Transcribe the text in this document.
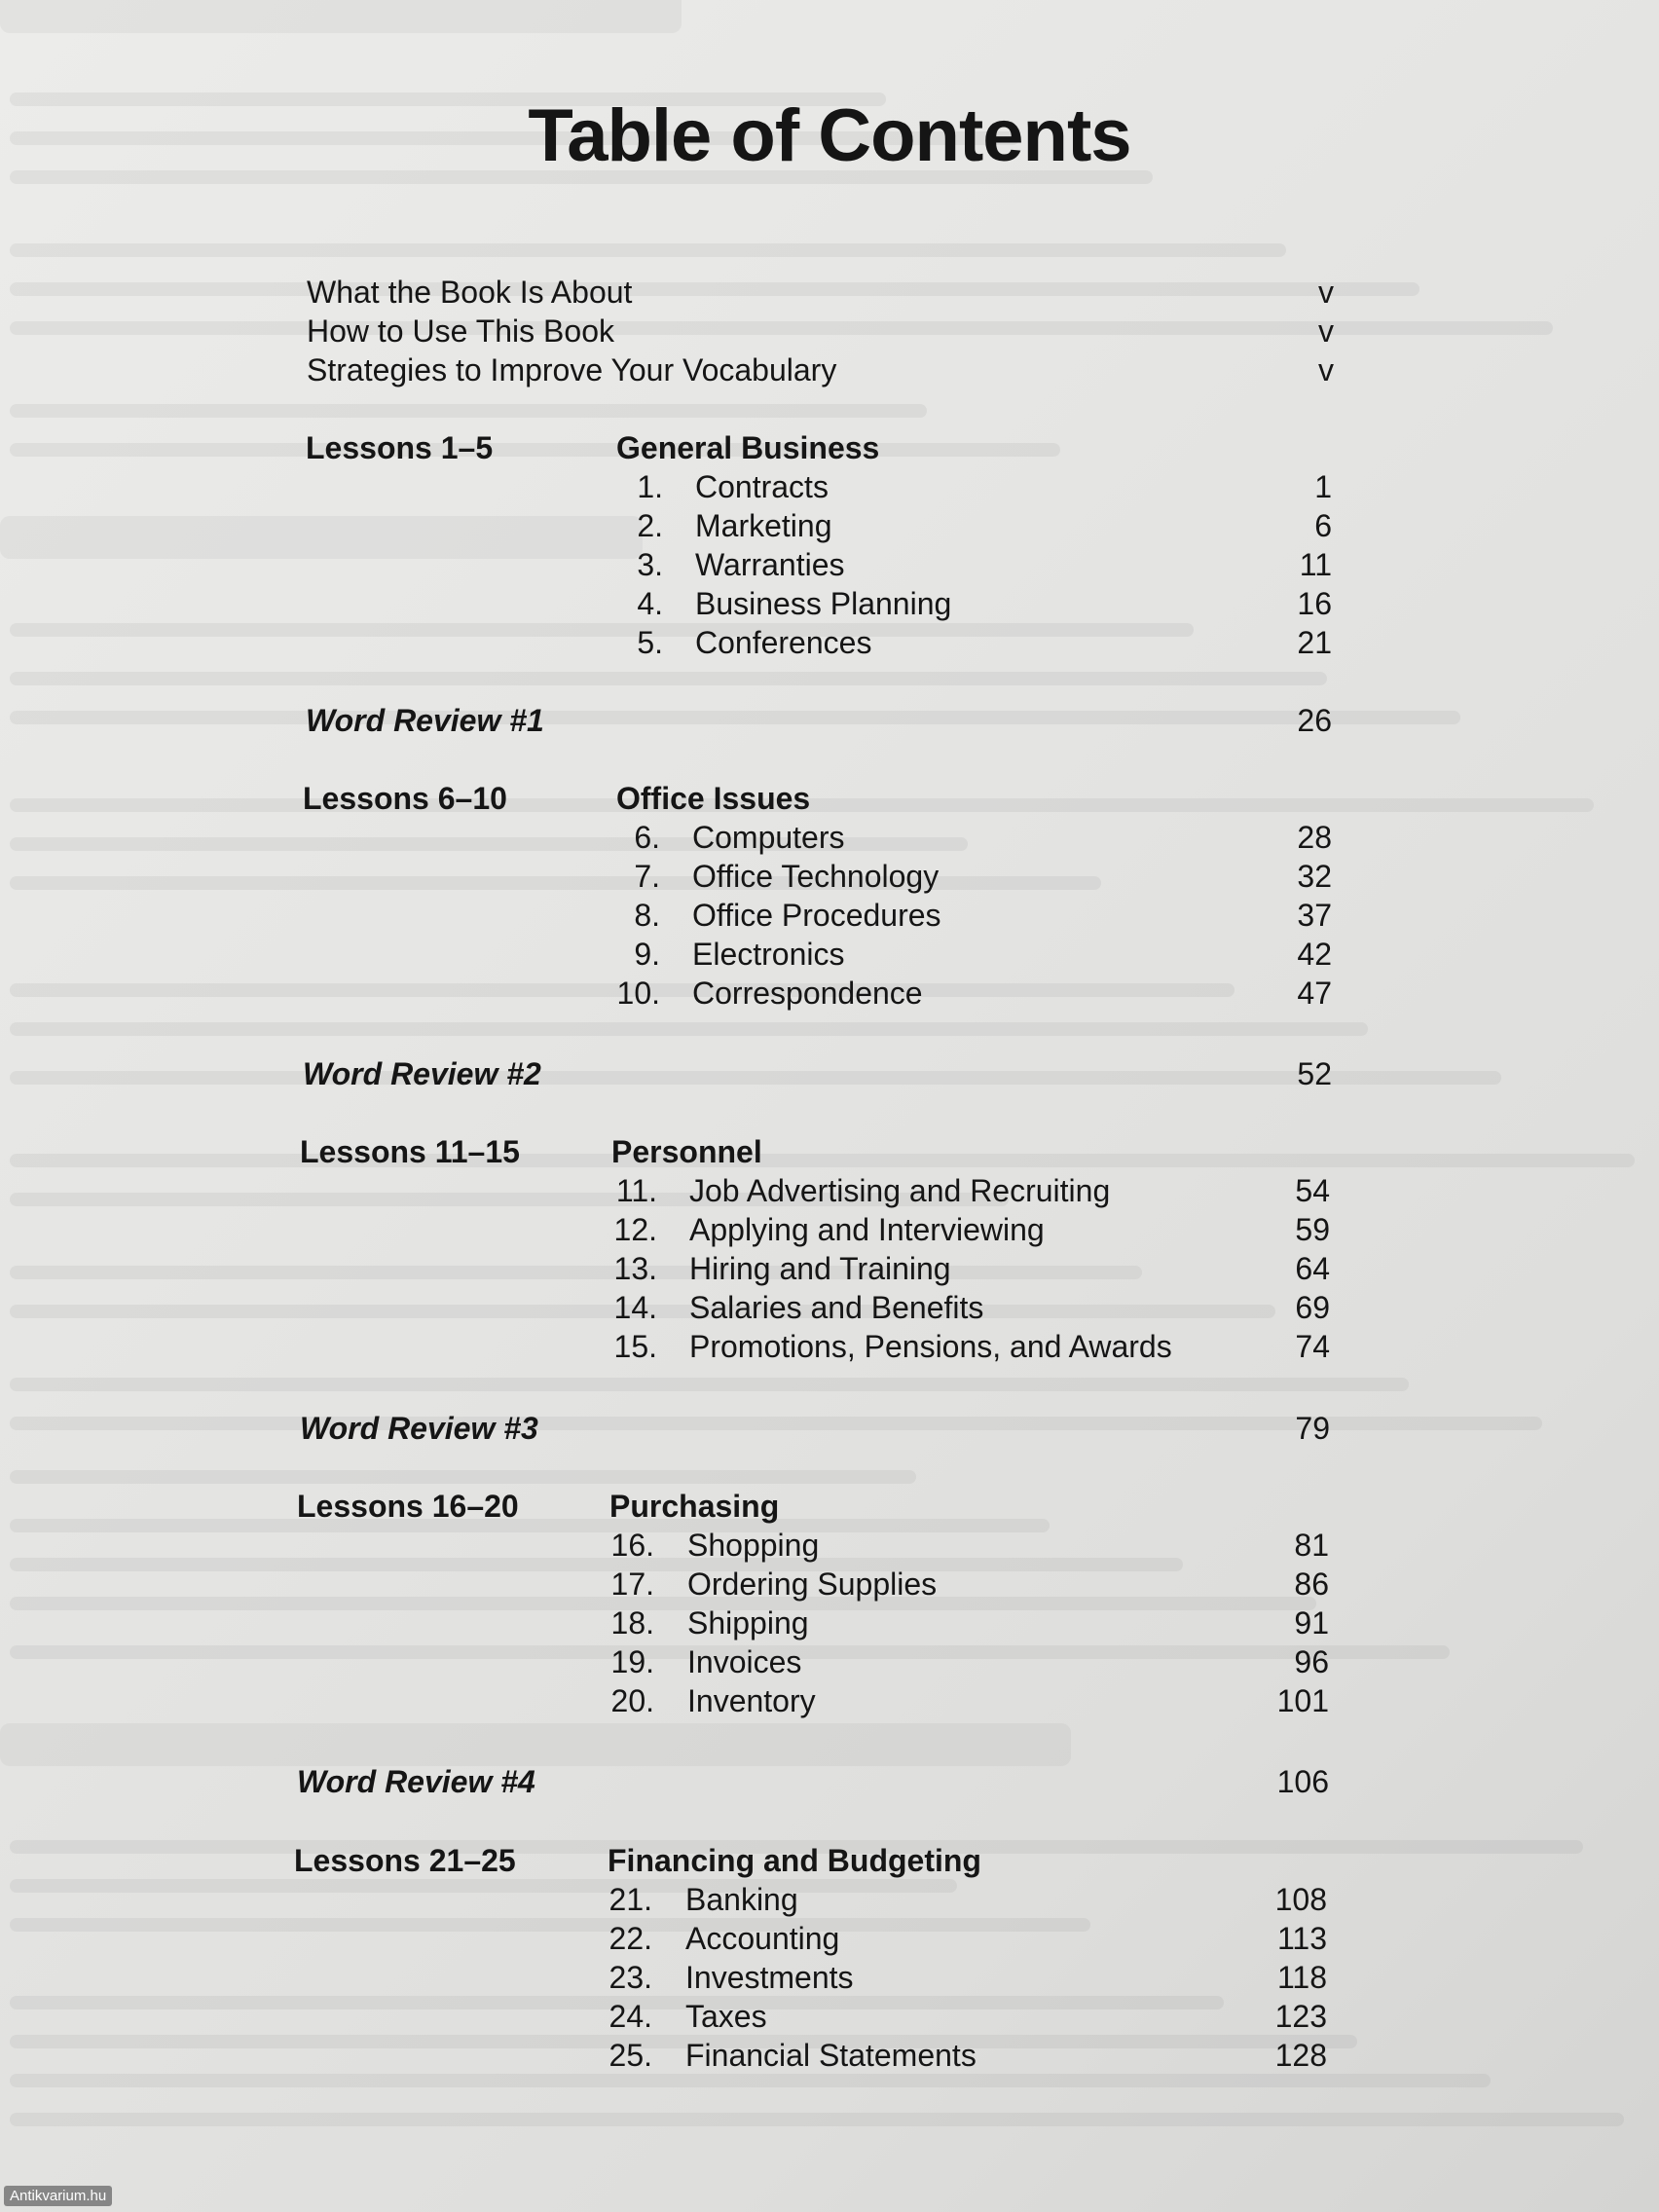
Table of Contents
What the Book Is About	v
How to Use This Book	v
Strategies to Improve Your Vocabulary	v
Lessons 1–5	General Business
1. Contracts	1
2. Marketing	6
3. Warranties	11
4. Business Planning	16
5. Conferences	21
Word Review #1	26
Lessons 6–10	Office Issues
6. Computers	28
7. Office Technology	32
8. Office Procedures	37
9. Electronics	42
10. Correspondence	47
Word Review #2	52
Lessons 11–15	Personnel
11. Job Advertising and Recruiting	54
12. Applying and Interviewing	59
13. Hiring and Training	64
14. Salaries and Benefits	69
15. Promotions, Pensions, and Awards	74
Word Review #3	79
Lessons 16–20	Purchasing
16. Shopping	81
17. Ordering Supplies	86
18. Shipping	91
19. Invoices	96
20. Inventory	101
Word Review #4	106
Lessons 21–25	Financing and Budgeting
21. Banking	108
22. Accounting	113
23. Investments	118
24. Taxes	123
25. Financial Statements	128
Antikvarium.hu
